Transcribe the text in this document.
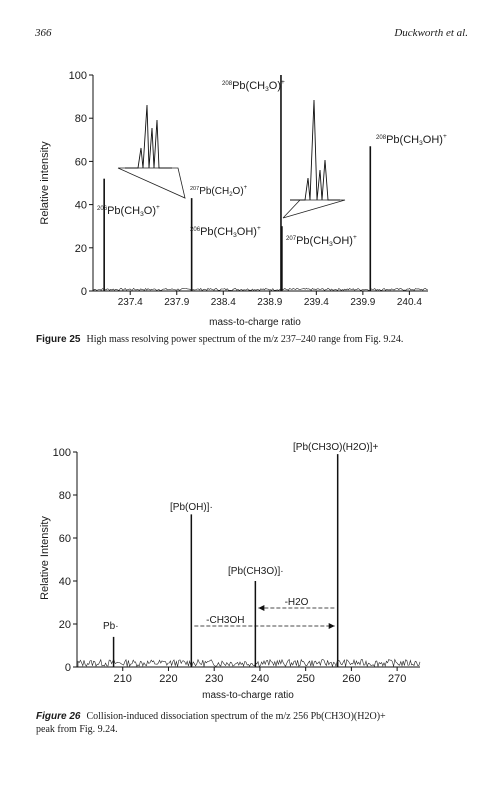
366	Duckworth et al.
0
20
40
60
80
100
237.4 237.9 238.4 238.9 239.4 239.9 240.4
mass-to-charge ratio
Relative intensity	$^{206}$Pb(CH3O)+
$^{207}Pb(CH_2O)^+$
$^{206}$Pb(CH3OH)+
$^{208}$Pb(CH3O)+
$^{207}$Pb(CH3OH)+
$^{208}$Pb(CH3OH)+
Figure 25 High mass resolving power spectrum of the m/z 237–240 range from Fig. 9.24.
0
20
40
60
80
100
210 220 230 240 250 260 270
mass-to-charge ratio
Relative Intensity
Pb·
[Pb(OH)]·
[Pb(CH3O)]·
[Pb(CH3O)(H2O)]+
-H2O
-CH3OH
Figure 26 Collision-induced dissociation spectrum of the m/z 256 Pb(CH3O)(H2O)+
peak from Fig. 9.24.
